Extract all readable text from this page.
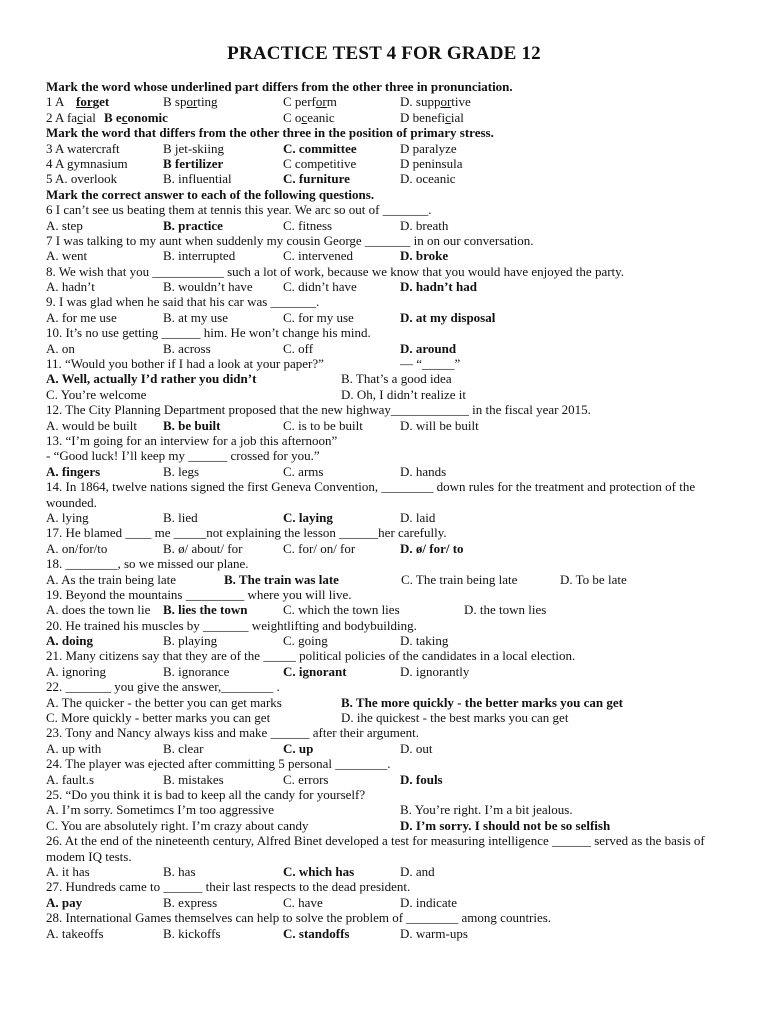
PRACTICE TEST 4 FOR GRADE 12
Mark the word whose underlined part differs from the other three in pronunciation.
1 A forget	B sporting	C perform	D. supportive
2 A facial B economic	C oceanic	D beneficial
Mark the word that differs from the other three in the position of primary stress.
3 A watercraft	B jet-skiing	C. committee	D paralyze
4 A gymnasium	B fertilizer	C competitive	D peninsula
5 A. overlook	B. influential	C. furniture	D. oceanic
Mark the correct answer to each of the following questions.
6 I can’t see us beating them at tennis this year. We arc so out of _______.
A. step	B. practice	C. fitness	D. breath
7 I was talking to my aunt when suddenly my cousin George _______ in on our conversation.
A. went	B. interrupted	C. intervened	D. broke
8. We wish that you ___________ such a lot of work, because we know that you would have enjoyed the party.
A. hadn’t	B. wouldn’t have C. didn’t have	D. hadn’t had
9. I was glad when he said that his car was _______.
A. for me use	B. at my use	C. for my use	D. at my disposal
10. It’s no use getting ______ him. He won’t change his mind.
A. on	B. across	C. off	D. around
11. “Would you bother if I had a look at your paper?”	— “_____”
A. Well, actually I’d rather you didn’t	B. That’s a good idea
C. You’re welcome	D. Oh, I didn’t realize it
12. The City Planning Department proposed that the new highway____________ in the fiscal year 2015.
A. would be built B. be built	C. is to be built	D. will be built
13. “I’m going for an interview for a job this afternoon”
- “Good luck! I’ll keep my ______ crossed for you.”
A. fingers	B. legs	C. arms	D. hands
14. In 1864, twelve nations signed the first Geneva Convention, ________ down rules for the treatment and protection of the wounded.
A. lying	B. lied	C. laying	D. laid
17. He blamed ____ me _____not explaining the lesson ______her carefully.
A. on/for/to	B. ø/ about/ for	C. for/ on/ for	D. ø/ for/ to
18. ________, so we missed our plane.
A. As the train being late	B. The train was late	C. The train being late	D. To be late
19. Beyond the mountains _________ where you will live.
A. does the town lie B. lies the town	C. which the town lies	D. the town lies
20. He trained his muscles by _______ weightlifting and bodybuilding.
A. doing	B. playing	C. going	D. taking
21. Many citizens say that they are of the _____ political policies of the candidates in a local election.
A. ignoring	B. ignorance	C. ignorant	D. ignorantly
22. _______ you give the answer,________ .
A. The quicker - the better you can get marks	B. The more quickly - the better marks you can get
C. More quickly - better marks you can get	D. ihe quickest - the best marks you can get
23. Tony and Nancy always kiss and make ______ after their argument.
A. up with	B. clear	C. up	D. out
24. The player was ejected after committing 5 personal ________.
A. fault.s	B. mistakes	C. errors	D. fouls
25. “Do you think it is bad to keep all the candy for yourself?
A. I’m sorry. Sometimcs I’m too aggressive	B. You’re right. I’m a bit jealous.
C. You are absolutely right. I’m crazy about candy	D. I’m sorry. I should not be so selfish
26. At the end of the nineteenth century, Alfred Binet developed a test for measuring intelligence ______ served as the basis of modem IQ tests.
A. it has	B. has	C. which has	D. and
27. Hundreds came to ______ their last respects to the dead president.
A. pay	B. express	C. have	D. indicate
28. International Games themselves can help to solve the problem of ________ among countries.
A. takeoffs	B. kickoffs	C. standoffs	D. warm-ups
